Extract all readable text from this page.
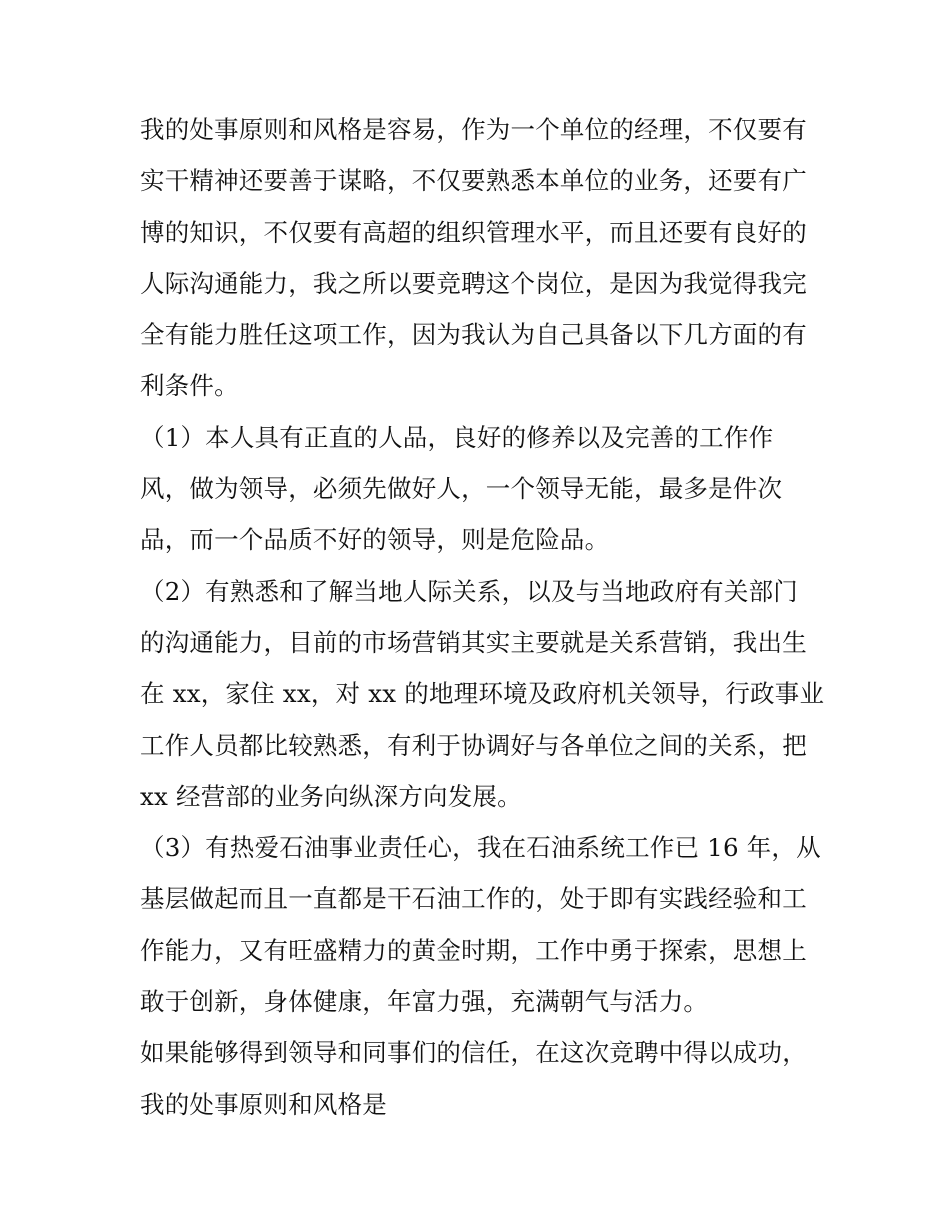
我的处事原则和风格是容易，作为一个单位的经理，不仅要有
实干精神还要善于谋略，不仅要熟悉本单位的业务，还要有广
博的知识，不仅要有高超的组织管理水平，而且还要有良好的
人际沟通能力，我之所以要竞聘这个岗位，是因为我觉得我完
全有能力胜任这项工作，因为我认为自己具备以下几方面的有
利条件。
（1）本人具有正直的人品，良好的修养以及完善的工作作
风，做为领导，必须先做好人，一个领导无能，最多是件次
品，而一个品质不好的领导，则是危险品。
（2）有熟悉和了解当地人际关系，以及与当地政府有关部门
的沟通能力，目前的市场营销其实主要就是关系营销，我出生
在 xx，家住 xx，对 xx 的地理环境及政府机关领导，行政事业
工作人员都比较熟悉，有利于协调好与各单位之间的关系，把
xx 经营部的业务向纵深方向发展。
（3）有热爱石油事业责任心，我在石油系统工作已 16 年，从
基层做起而且一直都是干石油工作的，处于即有实践经验和工
作能力，又有旺盛精力的黄金时期，工作中勇于探索，思想上
敢于创新，身体健康，年富力强，充满朝气与活力。
如果能够得到领导和同事们的信任，在这次竞聘中得以成功，
我的处事原则和风格是
